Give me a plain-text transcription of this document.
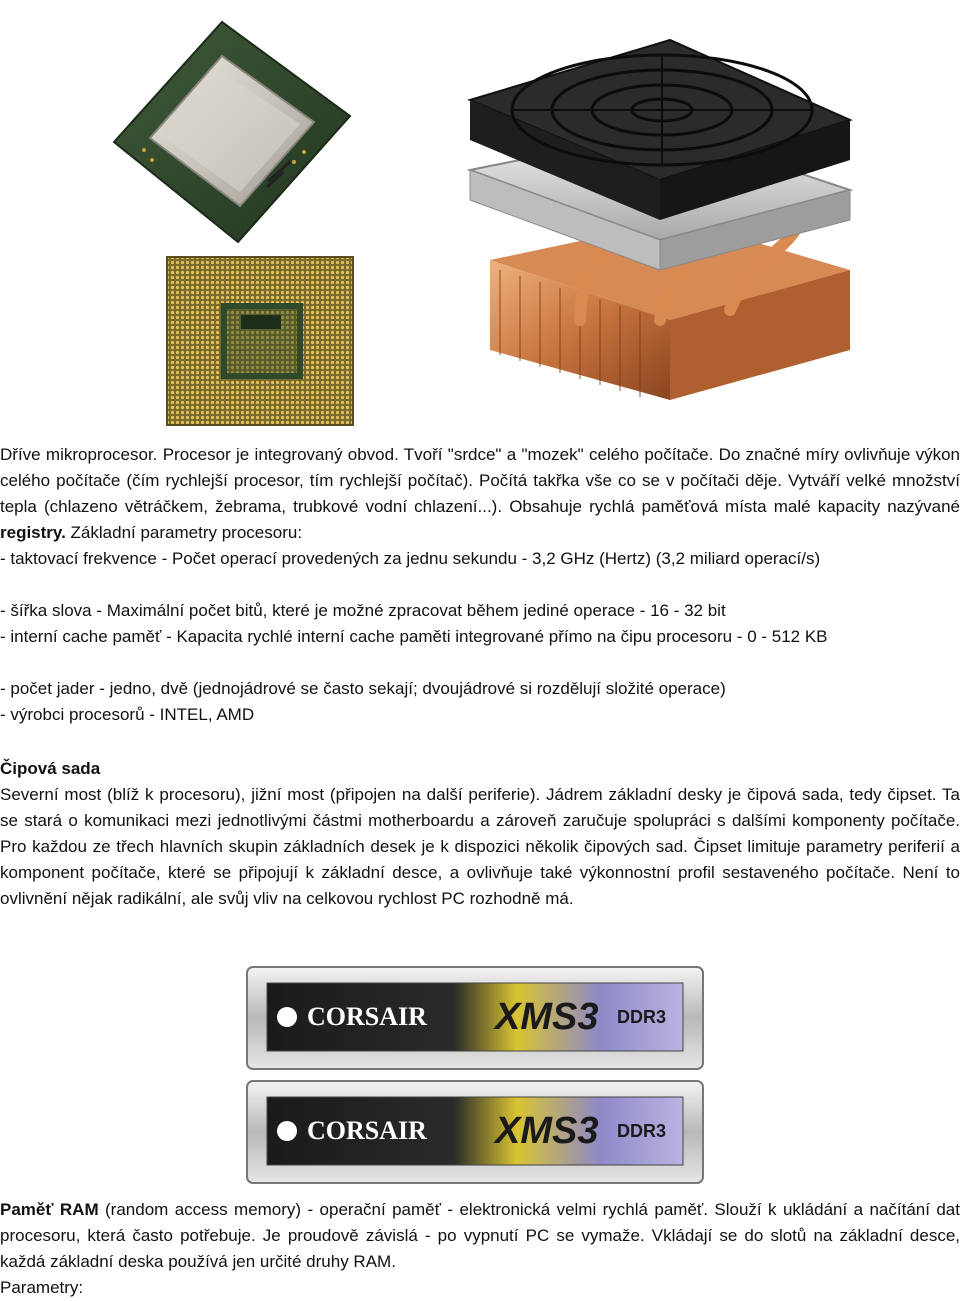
Dříve mikroprocesor. Procesor je integrovaný obvod. Tvoří "srdce" a "mozek" celého počítače. Do značné míry ovlivňuje výkon celého počítače (čím rychlejší procesor, tím rychlejší počítač). Počítá takřka vše co se v počítači děje. Vytváří velké množství tepla (chlazeno větráčkem, žebrama, trubkové vodní chlazení...). Obsahuje rychlá paměťová místa malé kapacity nazývané registry. Základní parametry procesoru:

- taktovací frekvence - Počet operací provedených za jednu sekundu - 3,2 GHz (Hertz) (3,2 miliard operací/s)

- šířka slova - Maximální počet bitů, které je možné zpracovat během jediné operace - 16 - 32 bit

- interní cache paměť - Kapacita rychlé interní cache paměti integrované přímo na čipu procesoru - 0 - 512 KB

- počet jader - jedno, dvě (jednojádrové se často sekají; dvoujádrové si rozdělují složité operace)

- výrobci procesorů - INTEL, AMD

Čipová sada

Severní most (blíž k procesoru), jižní most (připojen na další periferie). Jádrem základní desky je čipová sada, tedy čipset. Ta se stará o komunikaci mezi jednotlivými částmi motherboardu a zároveň zaručuje spolupráci s dalšími komponenty počítače. Pro každou ze třech hlavních skupin základních desek je k dispozici několik čipových sad. Čipset limituje parametry periferií a komponent počítače, které se připojují k základní desce, a ovlivňuje také výkonnostní profil sestaveného počítače. Není to ovlivnění nějak radikální, ale svůj vliv na celkovou rychlost PC rozhodně má.

CORSAIR XMS3 DDR3
CORSAIR XMS3 DDR3

Paměť RAM (random access memory) - operační paměť - elektronická velmi rychlá paměť. Slouží k ukládání a načítání dat procesoru, která často potřebuje. Je proudově závislá - po vypnutí PC se vymaže. Vkládají se do slotů na základní desce, každá základní deska používá jen určité druhy RAM.

Parametry:
